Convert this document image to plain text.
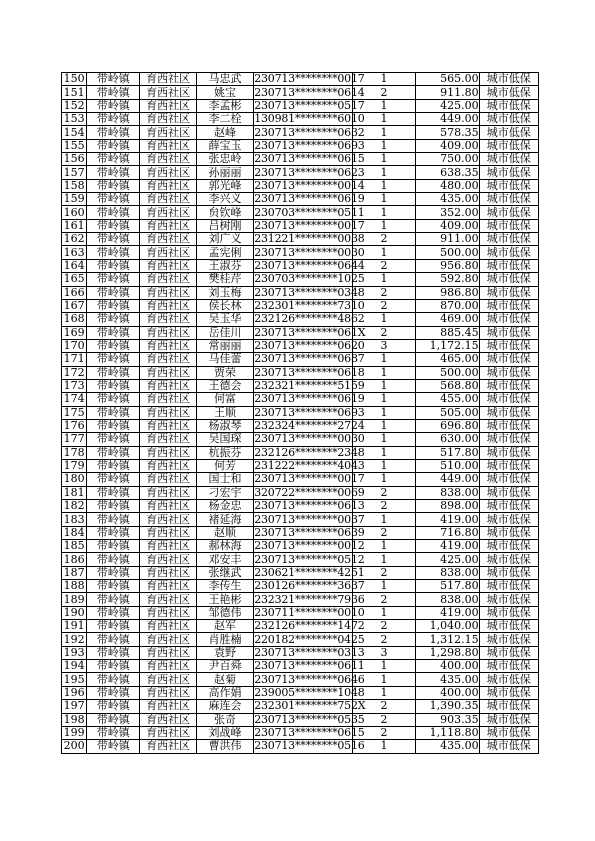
150	带岭镇	育西社区	马忠武	230713********0017	1	565.00	城市低保
151	带岭镇	育西社区	姚宝	230713********0614	2	911.80	城市低保
152	带岭镇	育西社区	李孟彬	230713********0517	1	425.00	城市低保
153	带岭镇	育西社区	李二栓	130981********6010	1	449.00	城市低保
154	带岭镇	育西社区	赵峰	230713********0632	1	578.35	城市低保
155	带岭镇	育西社区	薛宝玉	230713********0693	1	409.00	城市低保
156	带岭镇	育西社区	张忠岭	230713********0615	1	750.00	城市低保
157	带岭镇	育西社区	孙丽丽	230713********0623	1	638.35	城市低保
158	带岭镇	育西社区	郭光峰	230713********0014	1	480.00	城市低保
159	带岭镇	育西社区	李兴义	230713********0619	1	435.00	城市低保
160	带岭镇	育西社区	贠钦峰	230703********0511	1	352.00	城市低保
161	带岭镇	育西社区	吕树刚	230713********0017	1	409.00	城市低保
162	带岭镇	育西社区	刘广义	231221********0038	2	911.00	城市低保
163	带岭镇	育西社区	孟宪俐	230713********0030	1	500.00	城市低保
164	带岭镇	育西社区	王淑芬	230713********0644	2	956.80	城市低保
165	带岭镇	育西社区	樊桂芹	230703********1025	1	592.80	城市低保
166	带岭镇	育西社区	刘玉梅	230713********0348	2	986.80	城市低保
167	带岭镇	育西社区	侯长林	232301********7310	2	870.00	城市低保
168	带岭镇	育西社区	吴玉华	232126********4862	1	469.00	城市低保
169	带岭镇	育西社区	岳佳川	230713********061X	2	885.45	城市低保
170	带岭镇	育西社区	常丽丽	230713********0620	3	1,172.15	城市低保
171	带岭镇	育西社区	马佳蕾	230713********0687	1	465.00	城市低保
172	带岭镇	育西社区	贾荣	230713********0618	1	500.00	城市低保
173	带岭镇	育西社区	王德会	232321********5159	1	568.80	城市低保
174	带岭镇	育西社区	何富	230713********0619	1	455.00	城市低保
175	带岭镇	育西社区	王顺	230713********0693	1	505.00	城市低保
176	带岭镇	育西社区	杨淑琴	232324********2724	1	696.80	城市低保
177	带岭镇	育西社区	吴国琛	230713********0030	1	630.00	城市低保
178	带岭镇	育西社区	杭振芬	232126********2348	1	517.80	城市低保
179	带岭镇	育西社区	何芳	231222********4043	1	510.00	城市低保
180	带岭镇	育西社区	国士和	230713********0017	1	449.00	城市低保
181	带岭镇	育西社区	刁宏宇	320722********0069	2	838.00	城市低保
182	带岭镇	育西社区	杨金忠	230713********0613	2	898.00	城市低保
183	带岭镇	育西社区	褚延海	230713********0037	1	419.00	城市低保
184	带岭镇	育西社区	赵顺	230713********0639	2	716.80	城市低保
185	带岭镇	育西社区	郝林海	230713********0012	1	419.00	城市低保
186	带岭镇	育西社区	邓安丰	230713********0512	1	425.00	城市低保
187	带岭镇	育西社区	张继武	230621********4251	2	838.00	城市低保
188	带岭镇	育西社区	李传生	230126********3637	1	517.80	城市低保
189	带岭镇	育西社区	王艳彬	232321********7936	2	838.00	城市低保
190	带岭镇	育西社区	邹德伟	230711********0010	1	419.00	城市低保
191	带岭镇	育西社区	赵军	232126********1472	2	1,040.00	城市低保
192	带岭镇	育西社区	肖胜楠	220182********0425	2	1,312.15	城市低保
193	带岭镇	育西社区	袁野	230713********0313	3	1,298.80	城市低保
194	带岭镇	育西社区	尹百舜	230713********0611	1	400.00	城市低保
195	带岭镇	育西社区	赵菊	230713********0646	1	435.00	城市低保
196	带岭镇	育西社区	高作娟	239005********1048	1	400.00	城市低保
197	带岭镇	育西社区	麻连会	232301********752X	2	1,390.35	城市低保
198	带岭镇	育西社区	张奇	230713********0535	2	903.35	城市低保
199	带岭镇	育西社区	刘战峰	230713********0615	2	1,118.80	城市低保
200	带岭镇	育西社区	曹洪伟	230713********0516	1	435.00	城市低保
